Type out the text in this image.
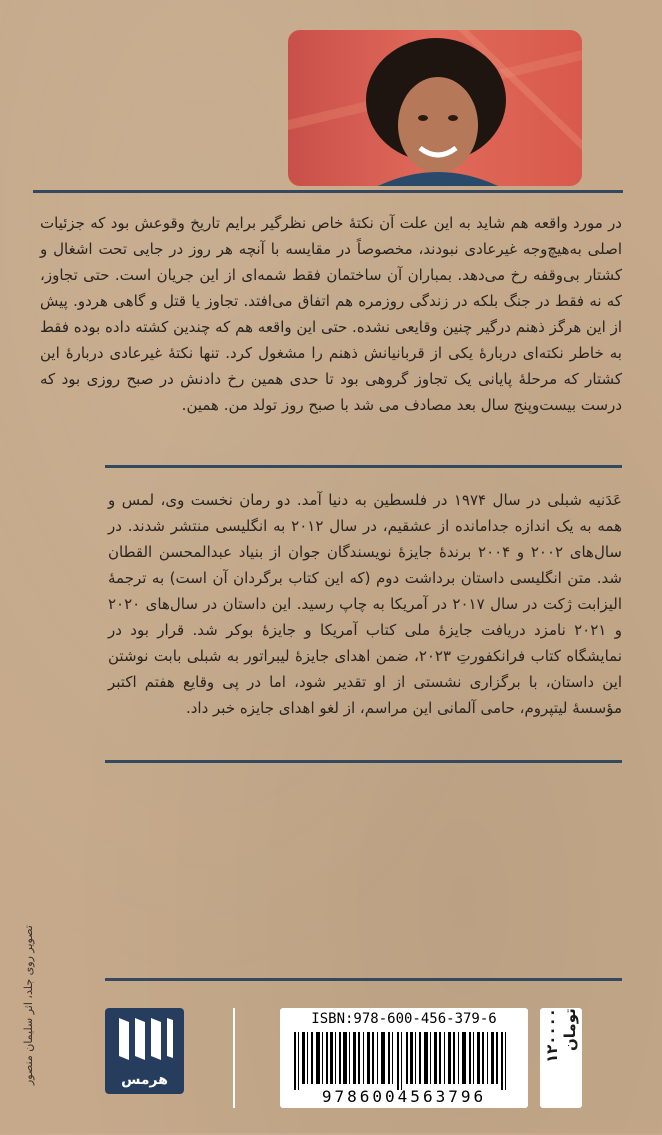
در مورد واقعه هم شاید به این علت آن نکتهٔ خاص نظرگیر برایم تاریخ وقوعش بود که جزئیات اصلی به‌هیچ‌وجه غیرعادی نبودند، مخصوصاً در مقایسه با آنچه هر روز در جایی تحت اشغال و کشتار بی‌وقفه رخ می‌دهد. بمباران آن ساختمان فقط شمه‌ای از این جریان است. حتی تجاوز، که نه فقط در جنگ بلکه در زندگی روزمره هم اتفاق می‌افتد. تجاوز یا قتل و گاهی هردو. پیش از این هرگز ذهنم درگیر چنین وقایعی نشده. حتی این واقعه هم که چندین کشته داده بوده فقط به خاطر نکته‌ای دربارهٔ یکی از قربانیانش ذهنم را مشغول کرد. تنها نکتهٔ غیرعادی دربارهٔ این کشتار که مرحلهٔ پایانی یک تجاوز گروهی بود تا حدی همین رخ دادنش در صبح روزی بود که درست بیست‌وپنج سال بعد مصادف می شد با صبح روز تولد من. همین.

عَدَنیه شبلی در سال ۱۹۷۴ در فلسطین به دنیا آمد. دو رمان نخست وی، لمس و همه به یک اندازه جدامانده از عشقیم، در سال ۲۰۱۲ به انگلیسی منتشر شدند. در سال‌های ۲۰۰۲ و ۲۰۰۴ برندهٔ جایزهٔ نویسندگان جوان از بنیاد عبدالمحسن القطان شد. متن انگلیسی داستان برداشت دوم (که این کتاب برگردان آن است) به ترجمهٔ الیزابت ژکت در سال ۲۰۱۷ در آمریکا به چاپ رسید. این داستان در سال‌های ۲۰۲۰ و ۲۰۲۱ نامزد دریافت جایزهٔ ملی کتاب آمریکا و جایزهٔ بوکر شد. قرار بود در نمایشگاه کتاب فرانکفورتِ ۲۰۲۳، ضمن اهدای جایزهٔ لیبراتور به شبلی بابت نوشتن این داستان، با برگزاری نشستی از او تقدیر شود، اما در پی وقایع هفتم اکتبر مؤسسهٔ لیتپروم، حامی آلمانی این مراسم، از لغو اهدای جایزه خبر داد.

تصویر روی جلد، اثر سلیمان منصور	هرمس
ISBN:978-600-456-379-6
9786004563796
۱۲۰۰۰۰ تومان
